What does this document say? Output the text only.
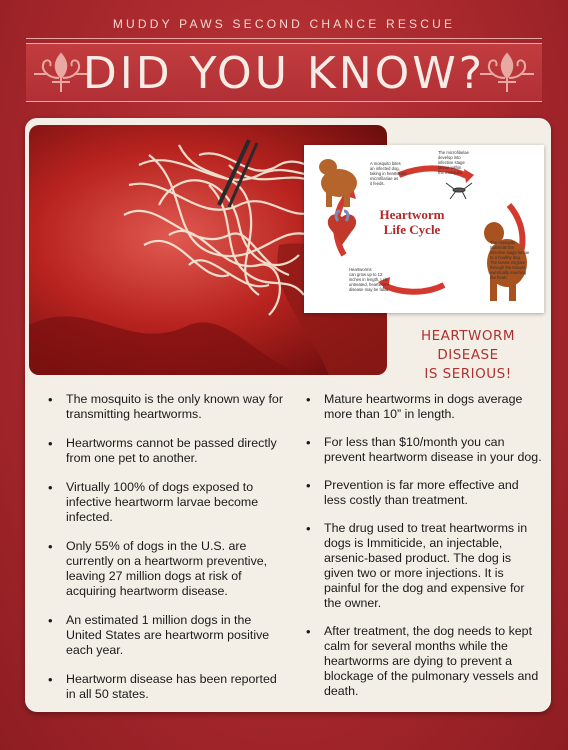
MUDDY PAWS SECOND CHANCE RESCUE
DID YOU KNOW?
Heartworm
Life Cycle
A mosquito bites
an infected dog,
taking in heartworm
microfilariae as
it feeds.
The microfilariae
develop into
infective stage
larvae within
the mosquito.
The mosquito
transmits the
infective stage larvae
to a healthy dog.
The larvae migrate
through the tissues,
eventually reaching
the heart.
Heartworms
can grow up to 12
inches in length. Left
untreated, heartworm
disease may be fatal.
HEARTWORM DISEASE
IS SERIOUS!
• The mosquito is the only known way for transmitting heartworms.
• Heartworms cannot be passed directly from one pet to another.
• Virtually 100% of dogs exposed to infective heartworm larvae become infected.
• Only 55% of dogs in the U.S. are currently on a heartworm preventive, leaving 27 million dogs at risk of acquiring heartworm disease.
• An estimated 1 million dogs in the United States are heartworm positive each year.
• Heartworm disease has been reported in all 50 states.
• Mature heartworms in dogs average more than 10” in length.
• For less than $10/month you can prevent heartworm disease in your dog.
• Prevention is far more effective and less costly than treatment.
• The drug used to treat heartworms in dogs is Immiticide, an injectable, arsenic-based product. The dog is given two or more injections. It is painful for the dog and expensive for the owner.
• After treatment, the dog needs to kept calm for several months while the heartworms are dying to prevent a blockage of the pulmonary vessels and death.
